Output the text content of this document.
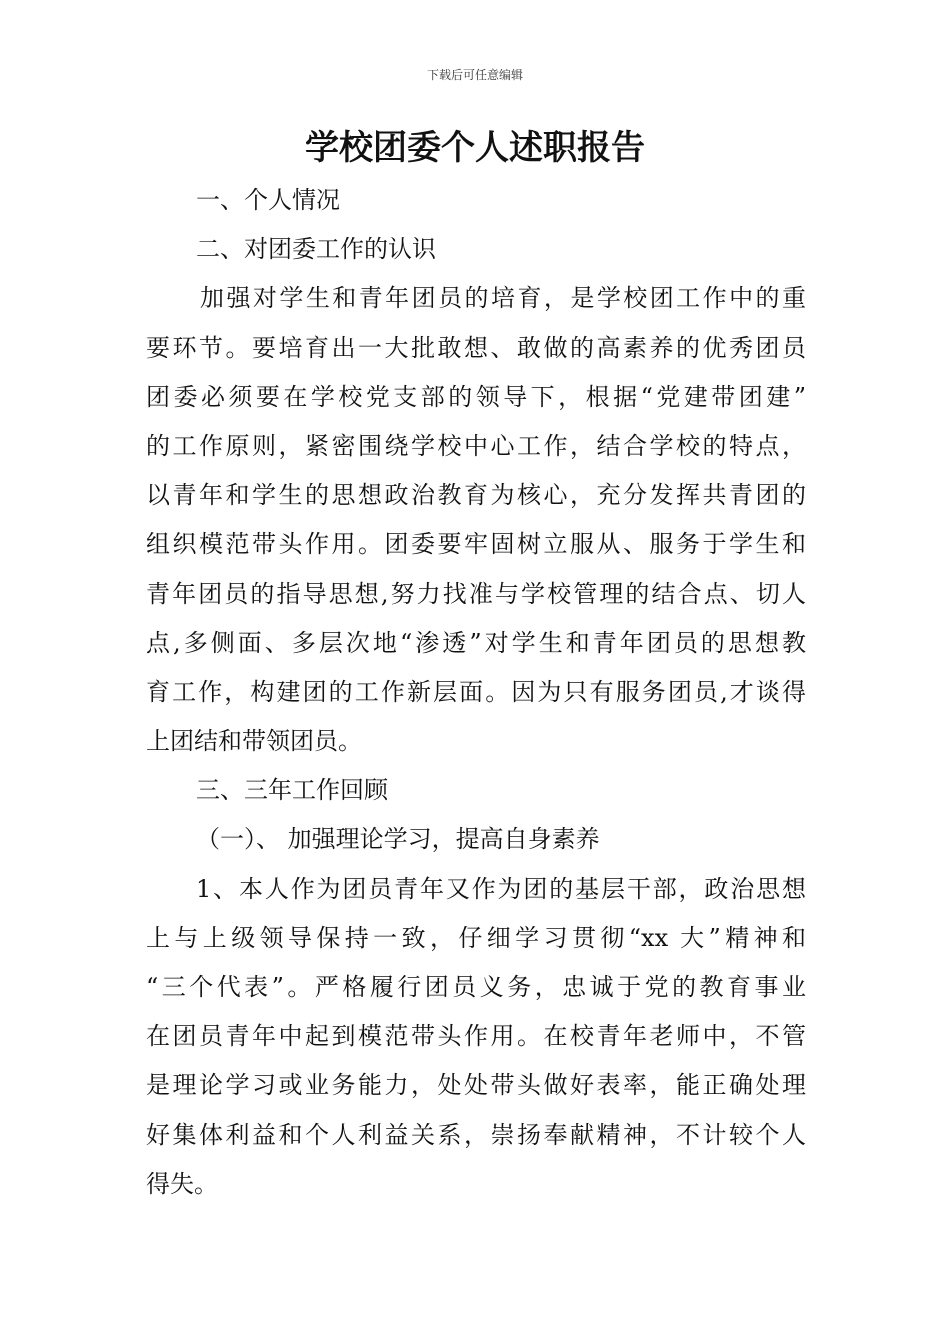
下载后可任意编辑
学校团委个人述职报告
一、个人情况
二、对团委工作的认识
加强对学生和青年团员的培育，是学校团工作中的重
要环节。要培育出一大批敢想、敢做的高素养的优秀团员
团委必须要在学校党支部的领导下，根据“党建带团建”
的工作原则，紧密围绕学校中心工作，结合学校的特点，
以青年和学生的思想政治教育为核心，充分发挥共青团的
组织模范带头作用。团委要牢固树立服从、服务于学生和
青年团员的指导思想,努力找准与学校管理的结合点、切人
点,多侧面、多层次地“渗透”对学生和青年团员的思想教
育工作，构建团的工作新层面。因为只有服务团员,才谈得
上团结和带领团员。
三、三年工作回顾
（一）、 加强理论学习，提高自身素养
1、本人作为团员青年又作为团的基层干部，政治思想
上与上级领导保持一致，仔细学习贯彻“xx 大”精神和
“三个代表”。严格履行团员义务，忠诚于党的教育事业
在团员青年中起到模范带头作用。在校青年老师中，不管
是理论学习或业务能力，处处带头做好表率，能正确处理
好集体利益和个人利益关系，崇扬奉献精神，不计较个人
得失。
